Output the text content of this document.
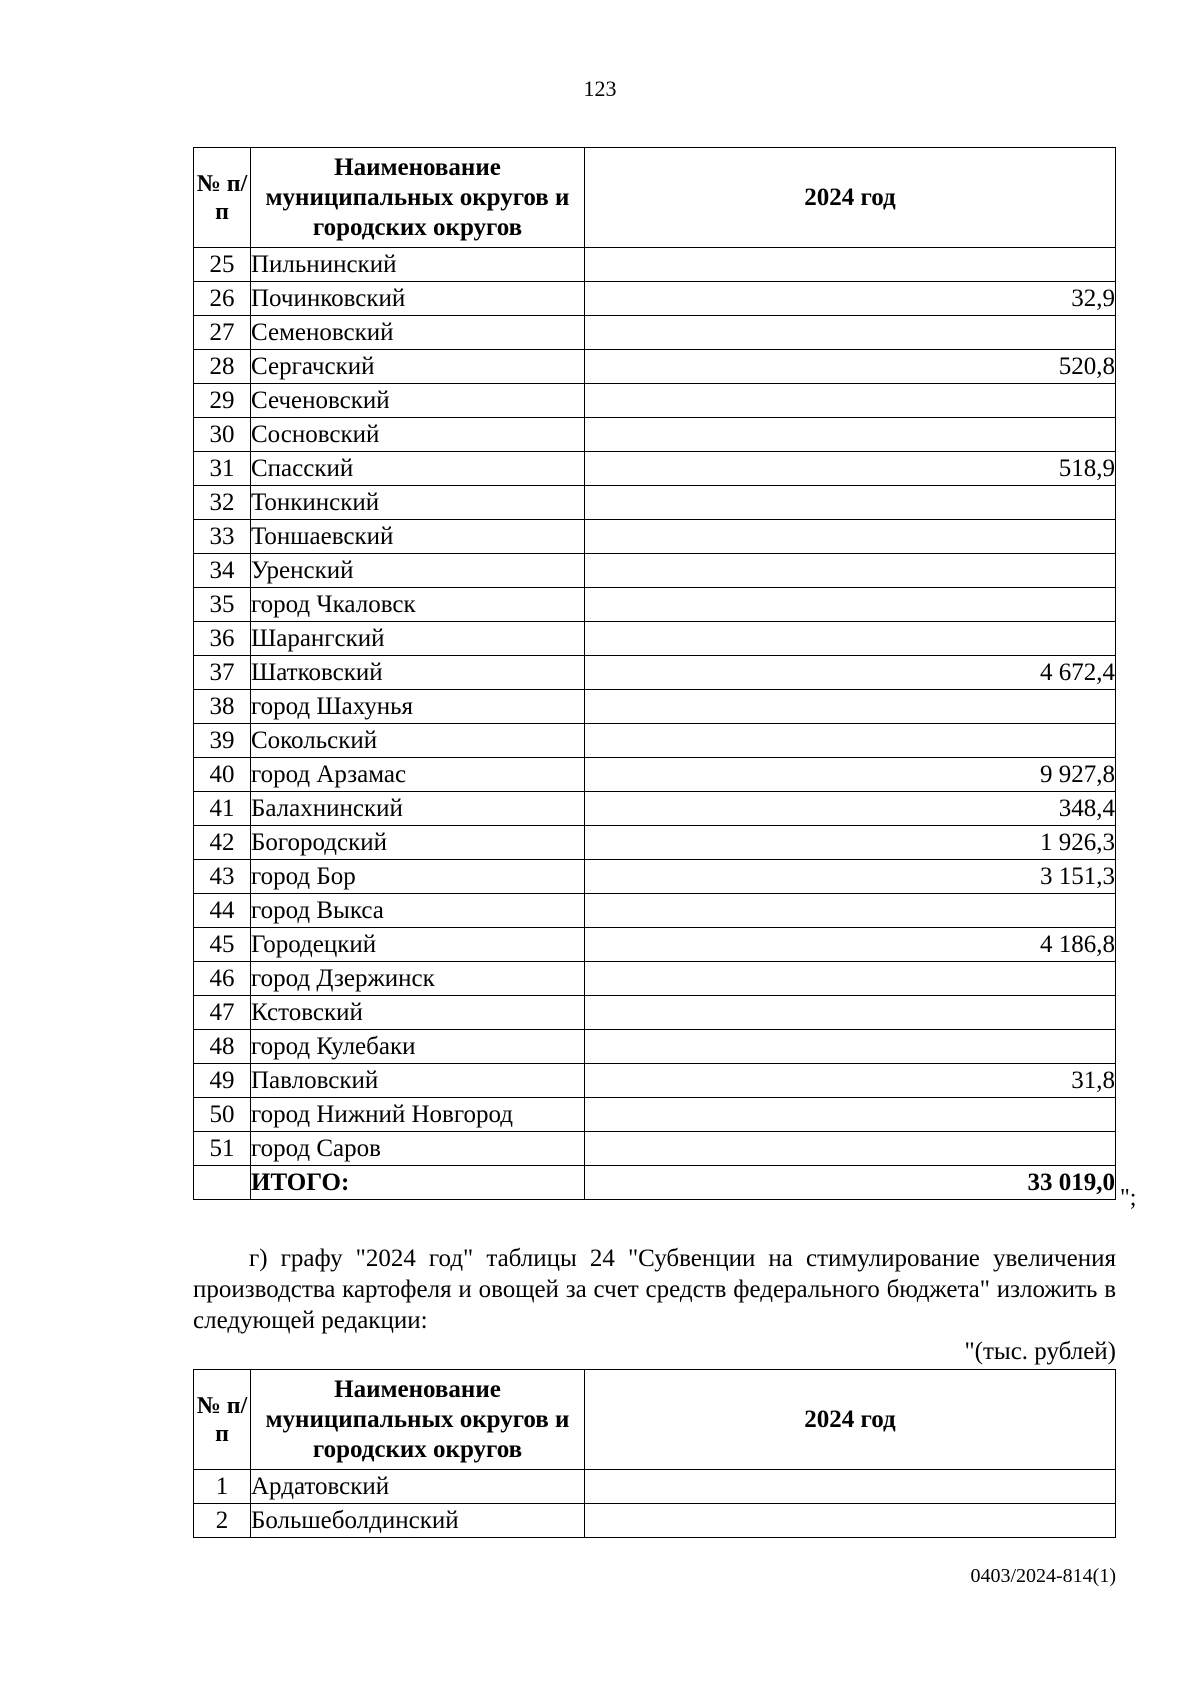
123
№ п/п	Наименование муниципальных округов и городских округов	2024 год
25	Пильнинский	
26	Починковский	32,9
27	Семеновский	
28	Сергачский	520,8
29	Сеченовский	
30	Сосновский	
31	Спасский	518,9
32	Тонкинский	
33	Тоншаевский	
34	Уренский	
35	город Чкаловск	
36	Шарангский	
37	Шатковский	4 672,4
38	город Шахунья	
39	Сокольский	
40	город Арзамас	9 927,8
41	Балахнинский	348,4
42	Богородский	1 926,3
43	город Бор	3 151,3
44	город Выкса	
45	Городецкий	4 186,8
46	город Дзержинск	
47	Кстовский	
48	город Кулебаки	
49	Павловский	31,8
50	город Нижний Новгород	
51	город Саров	
	ИТОГО:	33 019,0
";
г) графу "2024 год" таблицы 24 "Субвенции на стимулирование увеличения производства картофеля и овощей за счет средств федерального бюджета" изложить в следующей редакции:
"(тыс. рублей)
№ п/п	Наименование муниципальных округов и городских округов	2024 год
1	Ардатовский	
2	Большеболдинский	
0403/2024-814(1)
